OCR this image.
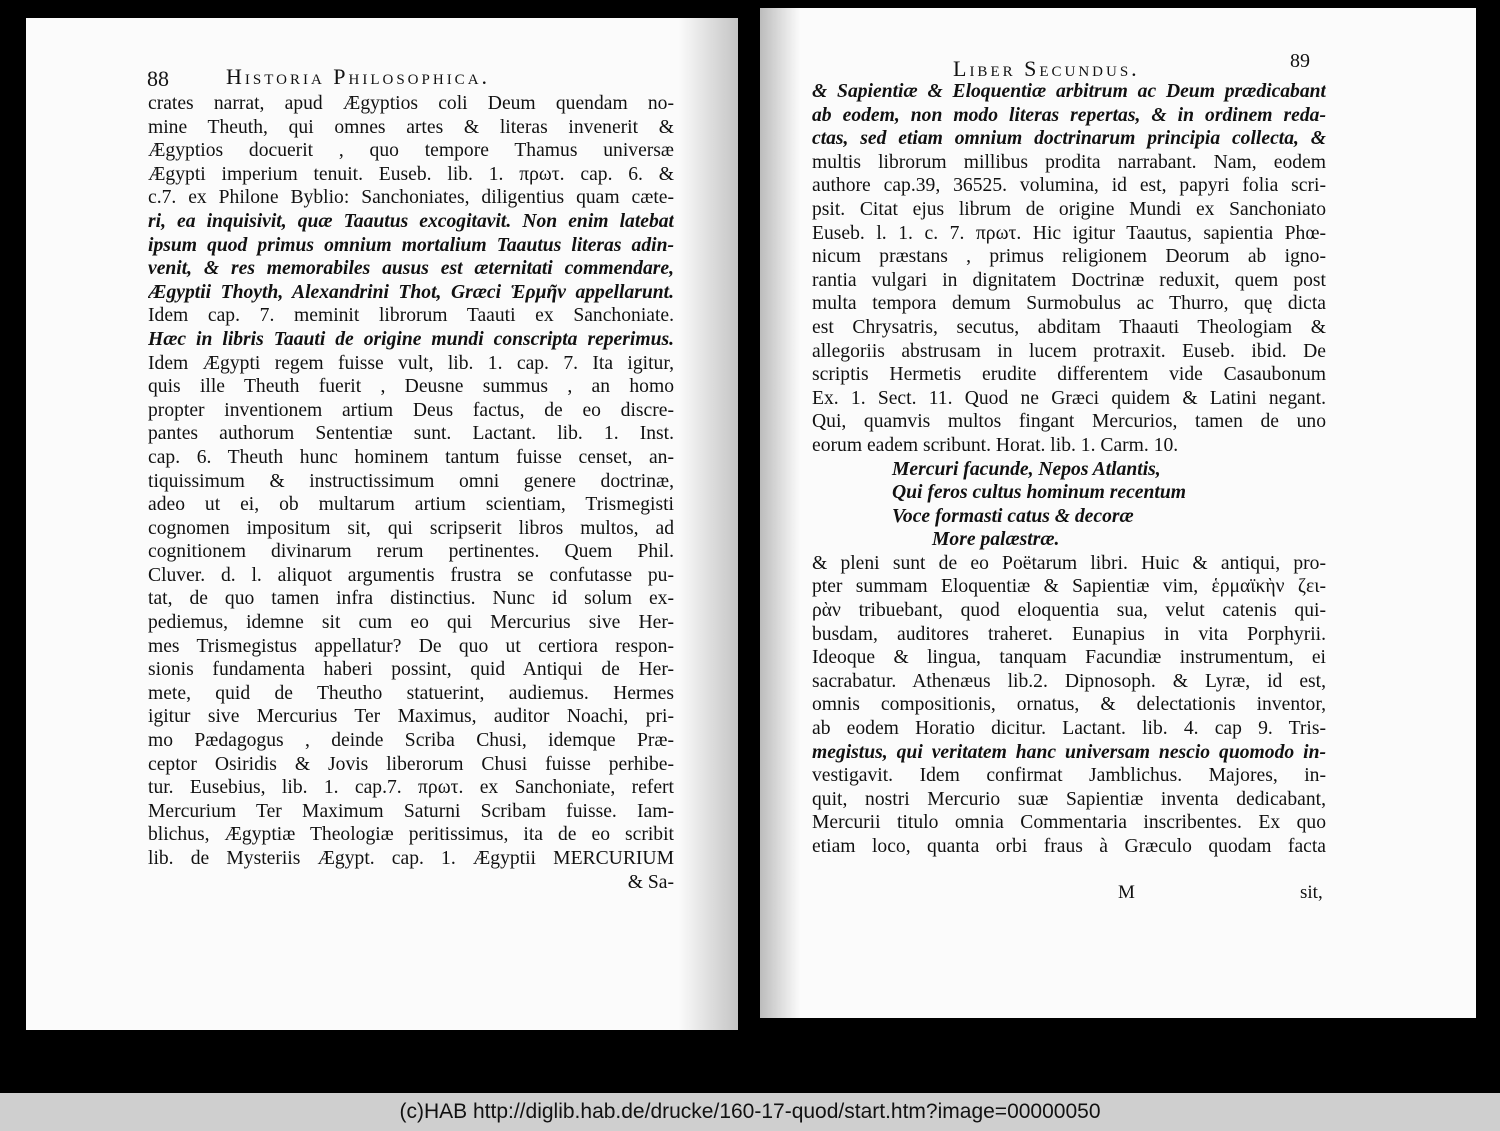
88	Historia Philosophica.
crates narrat, apud Ægyptios coli Deum quendam no-
mine Theuth, qui omnes artes & literas invenerit &
Ægyptios docuerit , quo tempore Thamus universæ
Ægypti imperium tenuit. Euseb. lib. 1. πρωτ. cap. 6. &
c.7. ex Philone Byblio: Sanchoniates, diligentius quam cæte-
ri, ea inquisivit, quæ Taautus excogitavit. Non enim latebat
ipsum quod primus omnium mortalium Taautus literas adin-
venit, & res memorabiles ausus est æternitati commendare,
Ægyptii Thoyth, Alexandrini Thot, Græci Ἑρμῆν appellarunt.
Idem cap. 7. meminit librorum Taauti ex Sanchoniate.
Hæc in libris Taauti de origine mundi conscripta reperimus.
Idem Ægypti regem fuisse vult, lib. 1. cap. 7. Ita igitur,
quis ille Theuth fuerit , Deusne summus , an homo
propter inventionem artium Deus factus, de eo discre-
pantes authorum Sententiæ sunt. Lactant. lib. 1. Inst.
cap. 6. Theuth hunc hominem tantum fuisse censet, an-
tiquissimum & instructissimum omni genere doctrinæ,
adeo ut ei, ob multarum artium scientiam, Trismegisti
cognomen impositum sit, qui scripserit libros multos, ad
cognitionem divinarum rerum pertinentes. Quem Phil.
Cluver. d. l. aliquot argumentis frustra se confutasse pu-
tat, de quo tamen infra distinctius. Nunc id solum ex-
pediemus, idemne sit cum eo qui Mercurius sive Her-
mes Trismegistus appellatur? De quo ut certiora respon-
sionis fundamenta haberi possint, quid Antiqui de Her-
mete, quid de Theutho statuerint, audiemus. Hermes
igitur sive Mercurius Ter Maximus, auditor Noachi, pri-
mo Pædagogus , deinde Scriba Chusi, idemque Præ-
ceptor Osiridis & Jovis liberorum Chusi fuisse perhibe-
tur. Eusebius, lib. 1. cap.7. πρωτ. ex Sanchoniate, refert
Mercurium Ter Maximum Saturni Scribam fuisse. Iam-
blichus, Ægyptiæ Theologiæ peritissimus, ita de eo scribit
lib. de Mysteriis Ægypt. cap. 1. Ægyptii MERCURIUM
& Sa-
Liber Secundus.	89
& Sapientiæ & Eloquentiæ arbitrum ac Deum prædicabant
ab eodem, non modo literas repertas, & in ordinem reda-
ctas, sed etiam omnium doctrinarum principia collecta, &
multis librorum millibus prodita narrabant. Nam, eodem
authore cap.39, 36525. volumina, id est, papyri folia scri-
psit. Citat ejus librum de origine Mundi ex Sanchoniato
Euseb. l. 1. c. 7. πρωτ. Hic igitur Taautus, sapientia Phœ-
nicum præstans , primus religionem Deorum ab igno-
rantia vulgari in dignitatem Doctrinæ reduxit, quem post
multa tempora demum Surmobulus ac Thurro, quę dicta
est Chrysatris, secutus, abditam Thaauti Theologiam &
allegoriis abstrusam in lucem protraxit. Euseb. ibid. De
scriptis Hermetis erudite differentem vide Casaubonum
Ex. 1. Sect. 11. Quod ne Græci quidem & Latini negant.
Qui, quamvis multos fingant Mercurios, tamen de uno
eorum eadem scribunt. Horat. lib. 1. Carm. 10.
Mercuri facunde, Nepos Atlantis,
Qui feros cultus hominum recentum
Voce formasti catus & decoræ
More palæstræ.
& pleni sunt de eo Poëtarum libri. Huic & antiqui, pro-
pter summam Eloquentiæ & Sapientiæ vim, ἑρμαϊκὴν ζει-
ρὰν tribuebant, quod eloquentia sua, velut catenis qui-
busdam, auditores traheret. Eunapius in vita Porphyrii.
Ideoque & lingua, tanquam Facundiæ instrumentum, ei
sacrabatur. Athenæus lib.2. Dipnosoph. & Lyræ, id est,
omnis compositionis, ornatus, & delectationis inventor,
ab eodem Horatio dicitur. Lactant. lib. 4. cap 9. Tris-
megistus, qui veritatem hanc universam nescio quomodo in-
vestigavit. Idem confirmat Jamblichus. Majores, in-
quit, nostri Mercurio suæ Sapientiæ inventa dedicabant,
Mercurii titulo omnia Commentaria inscribentes. Ex quo
etiam loco, quanta orbi fraus à Græculo quodam facta
M	sit,
(c)HAB http://diglib.hab.de/drucke/160-17-quod/start.htm?image=00000050
